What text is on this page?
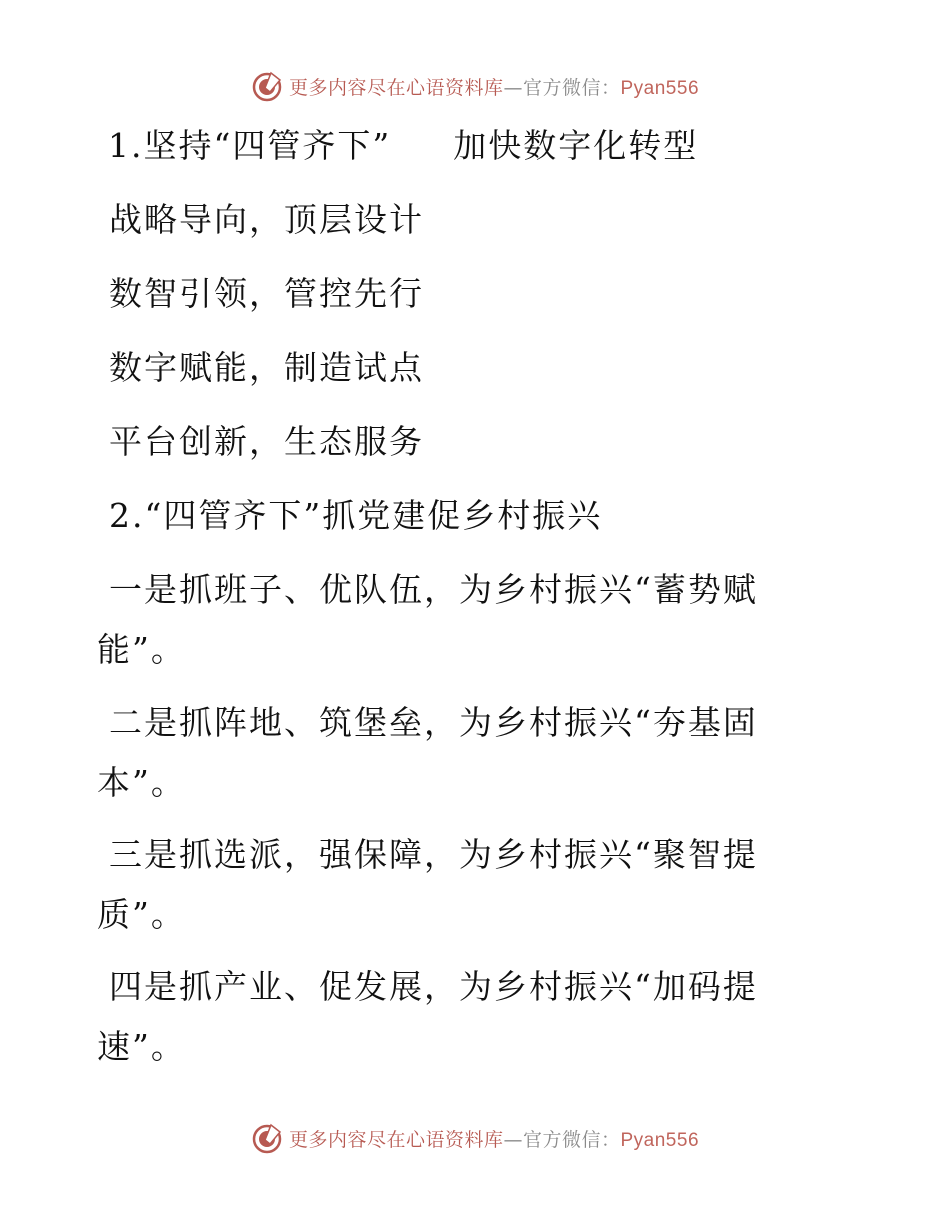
更多内容尽在心语资料库—官方微信：Pyan556
1.坚持“四管齐下” 加快数字化转型
战略导向，顶层设计
数智引领，管控先行
数字赋能，制造试点
平台创新，生态服务
2.“四管齐下”抓党建促乡村振兴
一是抓班子、优队伍，为乡村振兴“蓄势赋
能”。
二是抓阵地、筑堡垒，为乡村振兴“夯基固
本”。
三是抓选派，强保障，为乡村振兴“聚智提
质”。
四是抓产业、促发展，为乡村振兴“加码提
速”。
更多内容尽在心语资料库—官方微信：Pyan556
